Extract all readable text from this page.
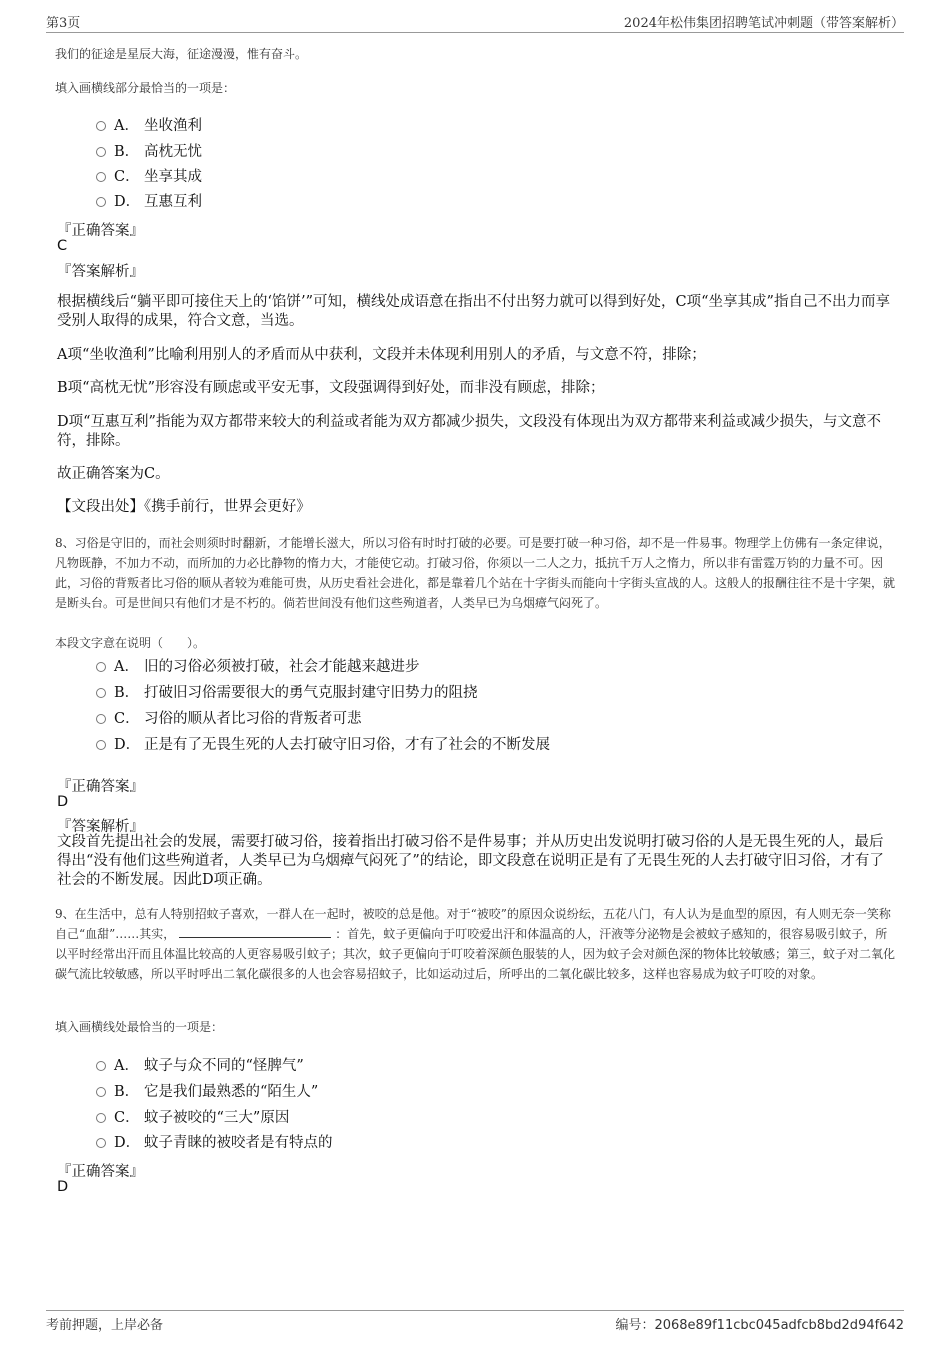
第3页	2024年松伟集团招聘笔试冲刺题（带答案解析）
我们的征途是星辰大海，征途漫漫，惟有奋斗。
填入画横线部分最恰当的一项是：
A． 坐收渔利
B． 高枕无忧
C． 坐享其成
D． 互惠互利
『正确答案』
C
『答案解析』
根据横线后“躺平即可接住天上的‘馅饼’”可知，横线处成语意在指出不付出努力就可以得到好处，C项“坐享其成”指自己不出力而享受别人取得的成果，符合文意，当选。
A项“坐收渔利”比喻利用别人的矛盾而从中获利，文段并未体现利用别人的矛盾，与文意不符，排除；
B项“高枕无忧”形容没有顾虑或平安无事，文段强调得到好处，而非没有顾虑，排除；
D项“互惠互利”指能为双方都带来较大的利益或者能为双方都减少损失，文段没有体现出为双方都带来利益或减少损失，与文意不符，排除。
故正确答案为C。
【文段出处】《携手前行，世界会更好》
8、习俗是守旧的，而社会则须时时翻新，才能增长滋大，所以习俗有时时打破的必要。可是要打破一种习俗，却不是一件易事。物理学上仿佛有一条定律说，凡物既静，不加力不动，而所加的力必比静物的惰力大，才能使它动。打破习俗，你须以一二人之力，抵抗千万人之惰力，所以非有雷霆万钧的力量不可。因此，习俗的背叛者比习俗的顺从者较为难能可贵，从历史看社会进化，都是靠着几个站在十字街头而能向十字街头宣战的人。这般人的报酬往往不是十字架，就是断头台。可是世间只有他们才是不朽的。倘若世间没有他们这些殉道者，人类早已为乌烟瘴气闷死了。
本段文字意在说明（　　）。
A． 旧的习俗必须被打破，社会才能越来越进步
B． 打破旧习俗需要很大的勇气克服封建守旧势力的阻挠
C． 习俗的顺从者比习俗的背叛者可悲
D． 正是有了无畏生死的人去打破守旧习俗，才有了社会的不断发展
『正确答案』
D
『答案解析』
文段首先提出社会的发展，需要打破习俗，接着指出打破习俗不是件易事；并从历史出发说明打破习俗的人是无畏生死的人，最后得出“没有他们这些殉道者，人类早已为乌烟瘴气闷死了”的结论，即文段意在说明正是有了无畏生死的人去打破守旧习俗，才有了社会的不断发展。因此D项正确。
9、在生活中，总有人特别招蚊子喜欢，一群人在一起时，被咬的总是他。对于“被咬”的原因众说纷纭，五花八门，有人认为是血型的原因，有人则无奈一笑称自己“血甜”……其实，	：首先，蚊子更偏向于叮咬爱出汗和体温高的人，汗液等分泌物是会被蚊子感知的，很容易吸引蚊子，所以平时经常出汗而且体温比较高的人更容易吸引蚊子；其次，蚊子更偏向于叮咬着深颜色服装的人，因为蚊子会对颜色深的物体比较敏感；第三，蚊子对二氧化碳气流比较敏感，所以平时呼出二氧化碳很多的人也会容易招蚊子，比如运动过后，所呼出的二氧化碳比较多，这样也容易成为蚊子叮咬的对象。
填入画横线处最恰当的一项是：
A． 蚊子与众不同的“怪脾气”
B． 它是我们最熟悉的“陌生人”
C． 蚊子被咬的“三大”原因
D． 蚊子青睐的被咬者是有特点的
『正确答案』
D
考前押题，上岸必备	编号：2068e89f11cbc045adfcb8bd2d94f642
